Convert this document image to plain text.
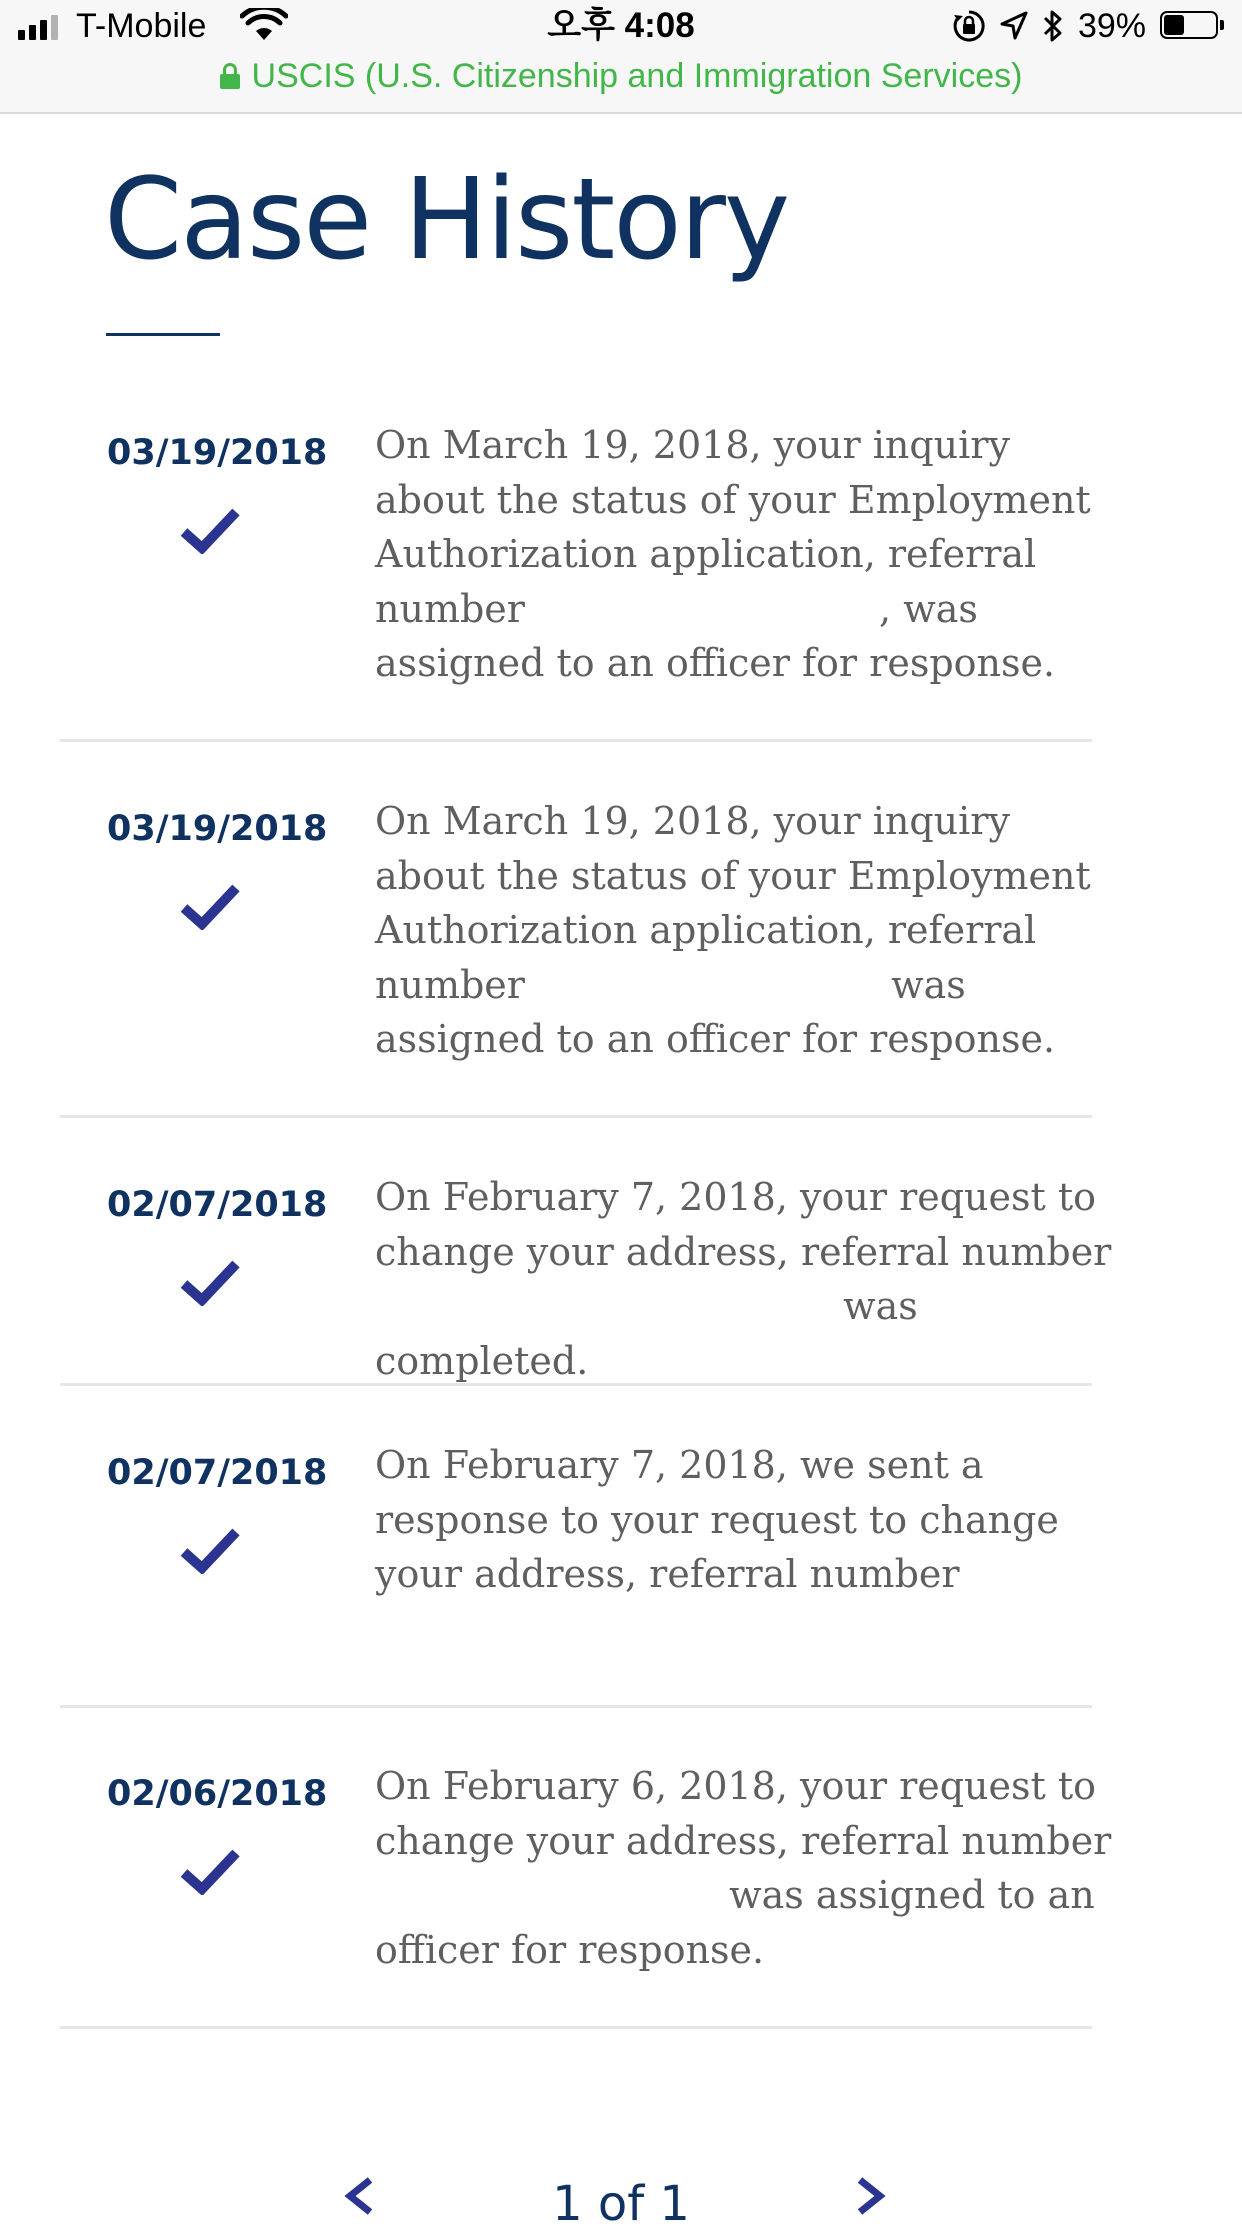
T-Mobile	오후 4:08	39%
USCIS (U.S. Citizenship and Immigration Services)
Case History
03/19/2018 On March 19, 2018, your inquiry about the status of your Employment Authorization application, referral number          , was assigned to an officer for response.

03/19/2018 On March 19, 2018, your inquiry about the status of your Employment Authorization application, referral number           was assigned to an officer for response.

02/07/2018 On February 7, 2018, your request to change your address, referral number              was completed.

02/07/2018 On February 7, 2018, we sent a response to your request to change your address, referral number

02/06/2018 On February 6, 2018, your request to change your address, referral number           was assigned to an officer for response.

1 of 1
